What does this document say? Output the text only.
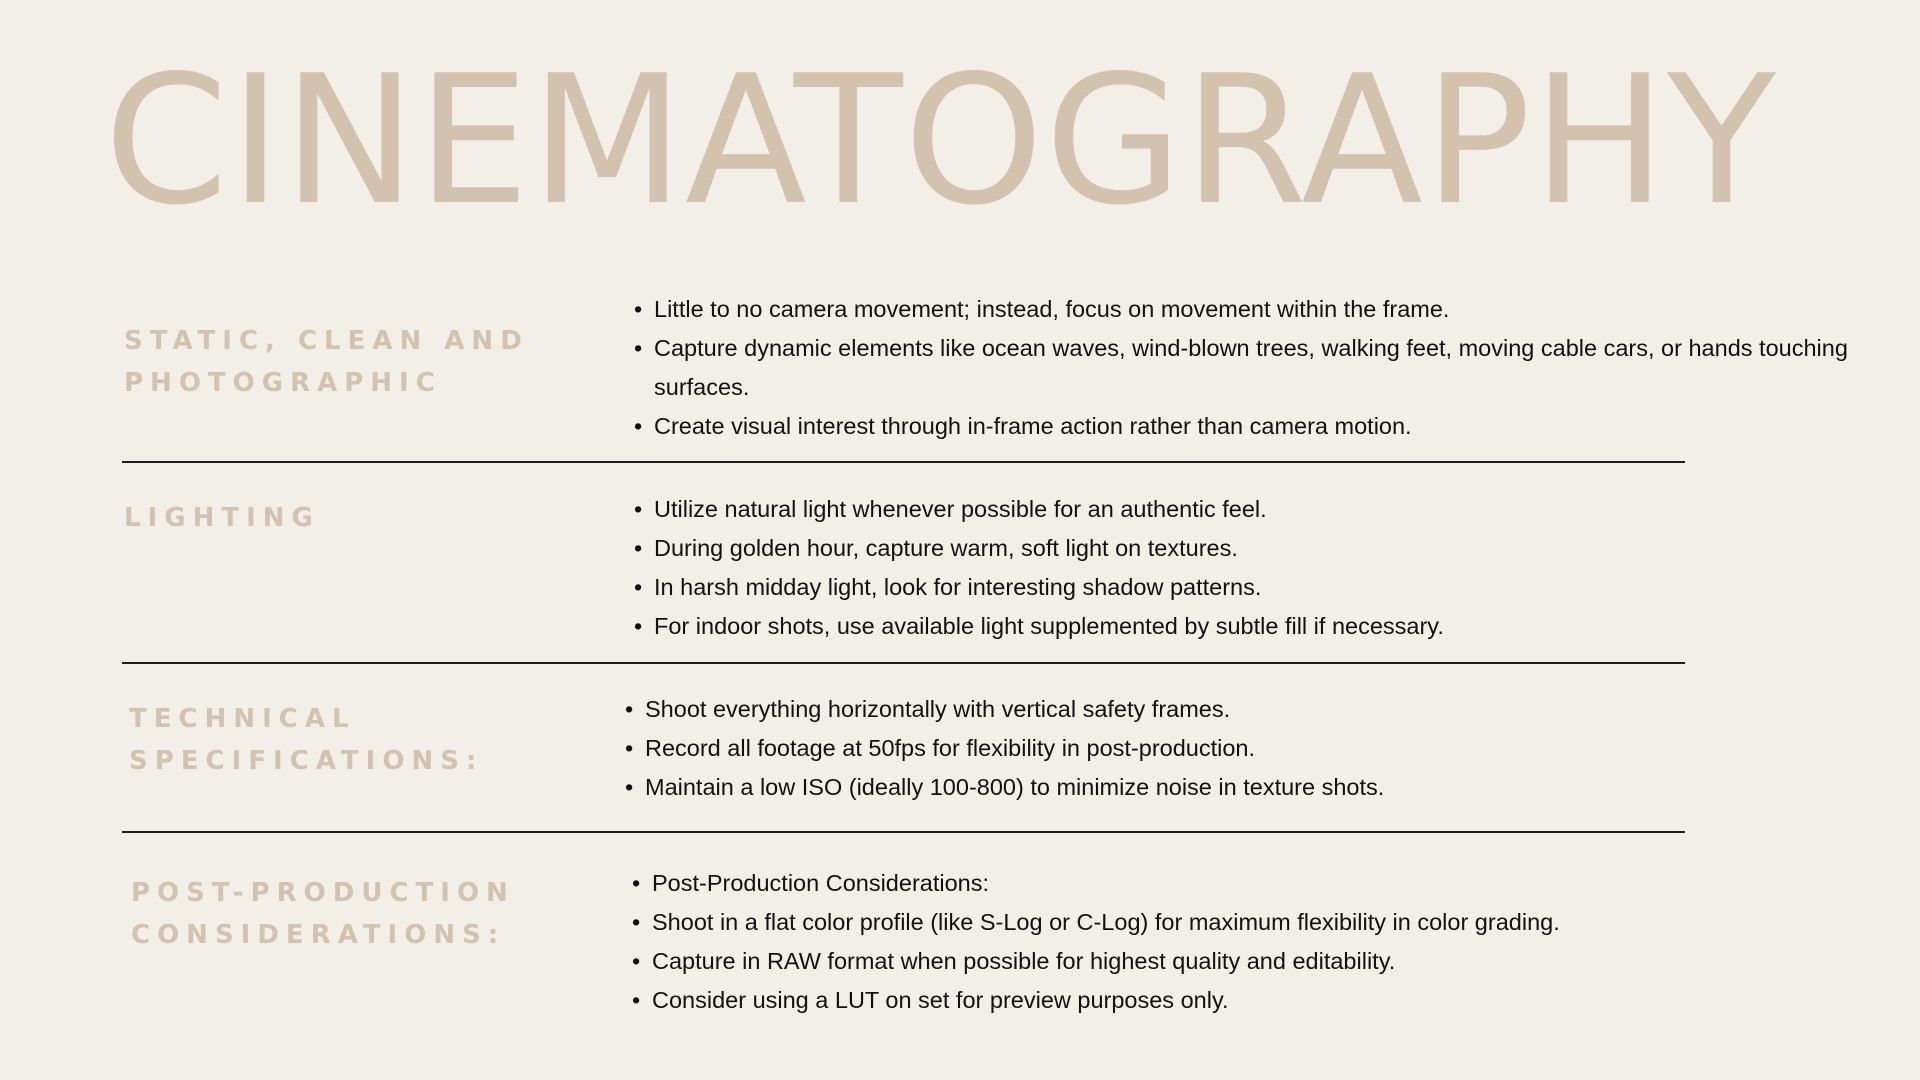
CINEMATOGRAPHY
STATIC, CLEAN AND PHOTOGRAPHIC
• Little to no camera movement; instead, focus on movement within the frame.
• Capture dynamic elements like ocean waves, wind-blown trees, walking feet, moving cable cars, or hands touching surfaces.
• Create visual interest through in-frame action rather than camera motion.
LIGHTING
•	Utilize natural light whenever possible for an authentic feel.
• During golden hour, capture warm, soft light on textures.
• In harsh midday light, look for interesting shadow patterns.
• For indoor shots, use available light supplemented by subtle fill if necessary.
TECHNICAL SPECIFICATIONS:
• Shoot everything horizontally with vertical safety frames.
• Record all footage at 50fps for flexibility in post-production.
• Maintain a low ISO (ideally 100-800) to minimize noise in texture shots.
POST-PRODUCTION CONSIDERATIONS:
• Post-Production Considerations:
• Shoot in a flat color profile (like S-Log or C-Log) for maximum flexibility in color grading.
• Capture in RAW format when possible for highest quality and editability.
• Consider using a LUT on set for preview purposes only.
